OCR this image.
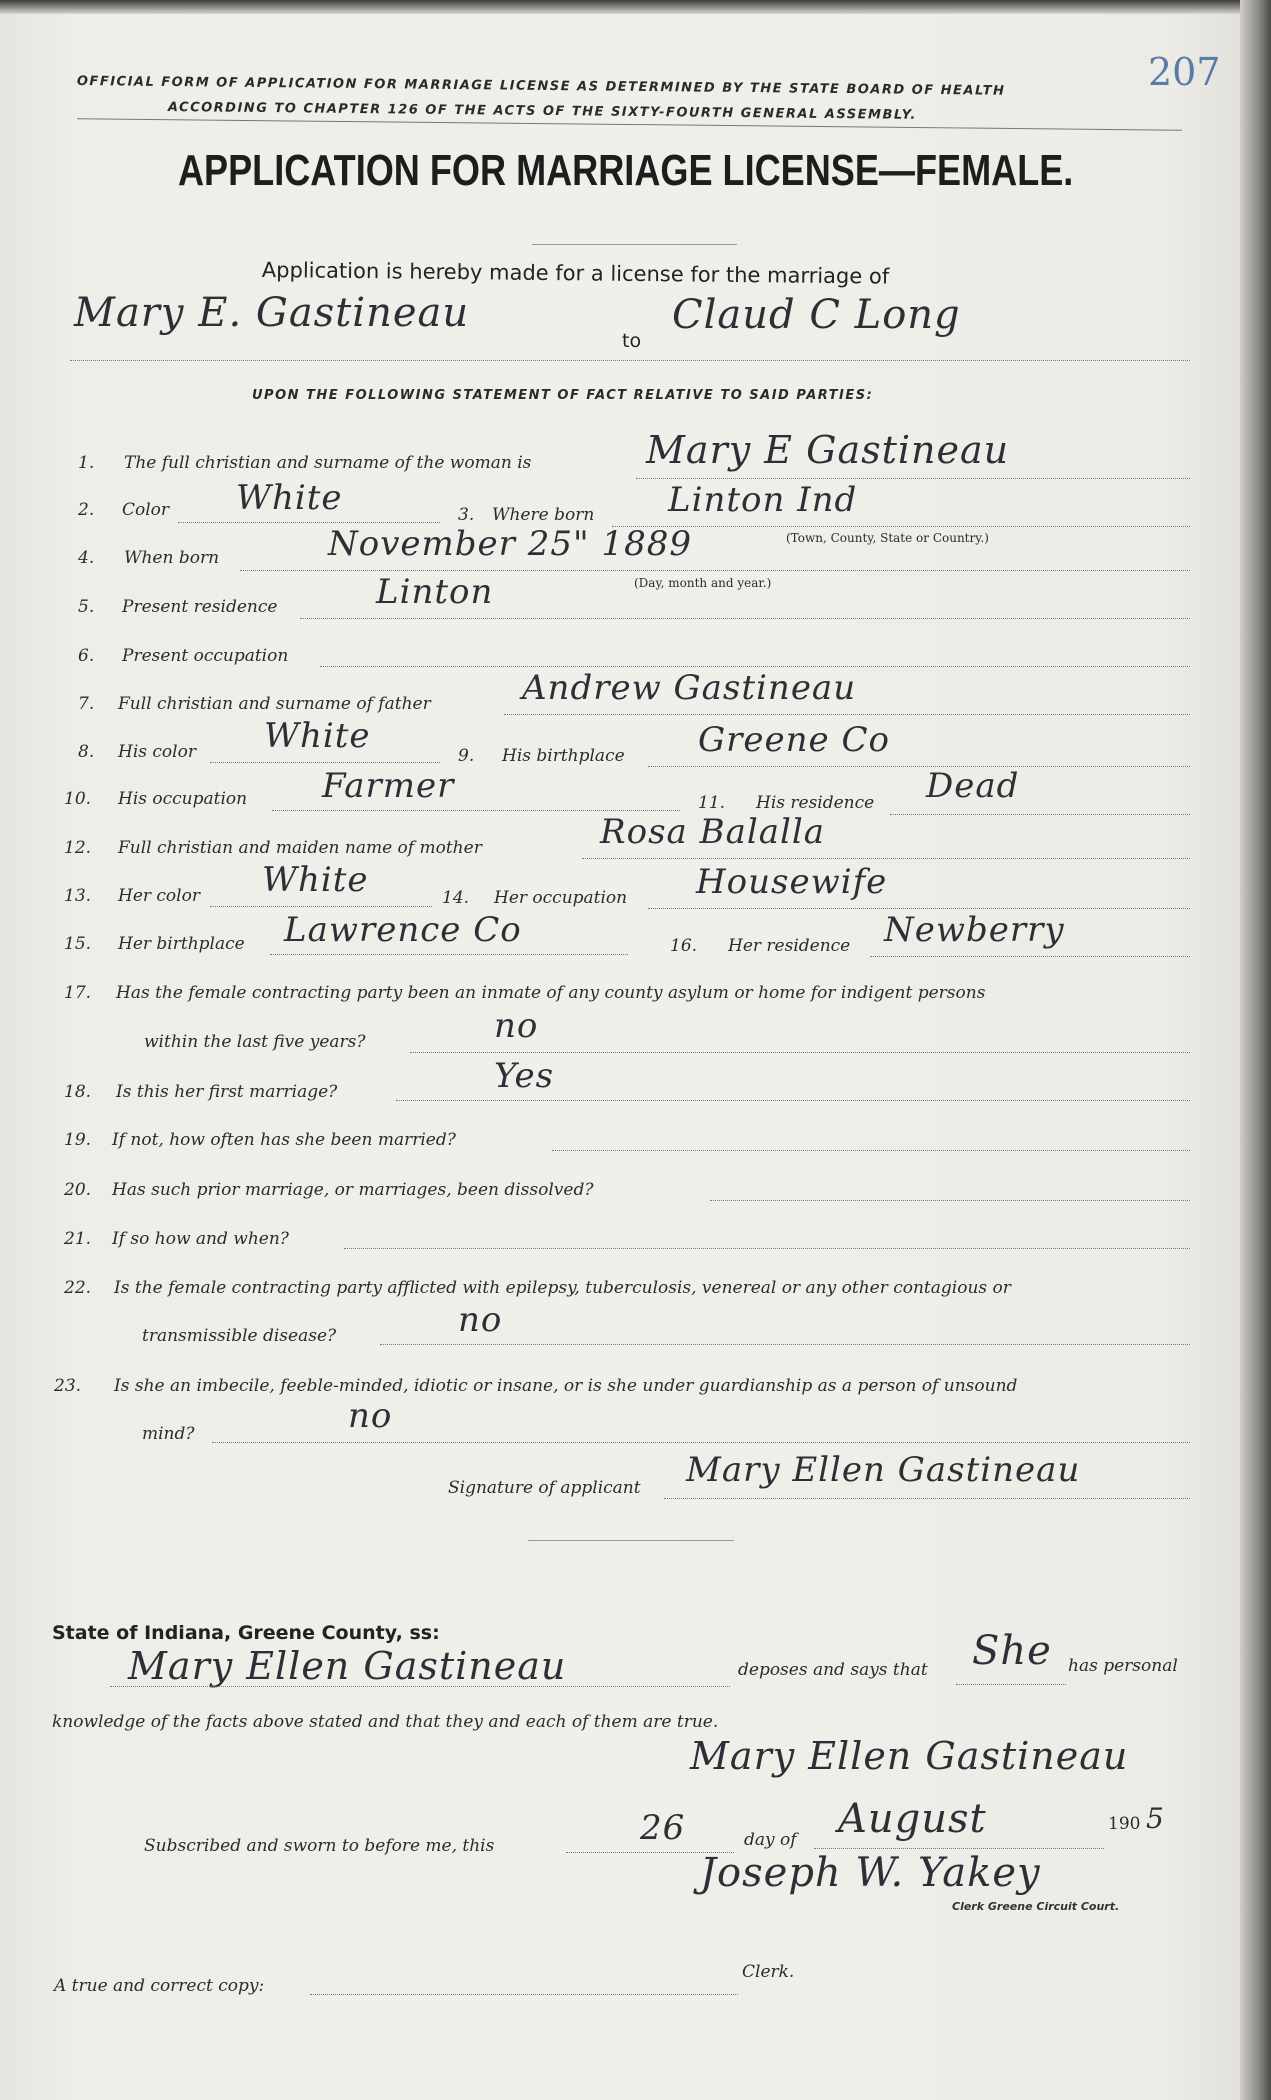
207
OFFICIAL FORM OF APPLICATION FOR MARRIAGE LICENSE AS DETERMINED BY THE STATE BOARD OF HEALTH
ACCORDING TO CHAPTER 126 OF THE ACTS OF THE SIXTY-FOURTH GENERAL ASSEMBLY.
APPLICATION FOR MARRIAGE LICENSE—FEMALE.
Application is hereby made for a license for the marriage of
Mary E. Gastineau
to
Claud C Long
UPON THE FOLLOWING STATEMENT OF FACT RELATIVE TO SAID PARTIES:
1. The full christian and surname of the woman is	Mary E Gastineau
2. Color White	3. Where born Linton Ind
(Town, County, State or Country.)
4. When born	November 25" 1889
(Day, month and year.)
5. Present residence	Linton
6. Present occupation
7. Full christian and surname of father	Andrew Gastineau
8. His color White	9. His birthplace Greene Co
10. His occupation Farmer	11. His residence Dead
12. Full christian and maiden name of mother	Rosa Balalla
13. Her color White	14. Her occupation Housewife
15. Her birthplace Lawrence Co	16. Her residence Newberry
17. Has the female contracting party been an inmate of any county asylum or home for indigent persons
within the last five years?	no
18. Is this her first marriage?	Yes
19. If not, how often has she been married?
20. Has such prior marriage, or marriages, been dissolved?
21. If so how and when?
22. Is the female contracting party afflicted with epilepsy, tuberculosis, venereal or any other contagious or
transmissible disease?	no
23. Is she an imbecile, feeble-minded, idiotic or insane, or is she under guardianship as a person of unsound
mind?	no
Signature of applicant Mary Ellen Gastineau
State of Indiana, Greene County, ss:
Mary Ellen Gastineau	deposes and says that She has personal
knowledge of the facts above stated and that they and each of them are true.
Mary Ellen Gastineau
Subscribed and sworn to before me, this	26	day of August	190 5
Joseph W. Yakey
Clerk Greene Circuit Court.
A true and correct copy:
Clerk.
